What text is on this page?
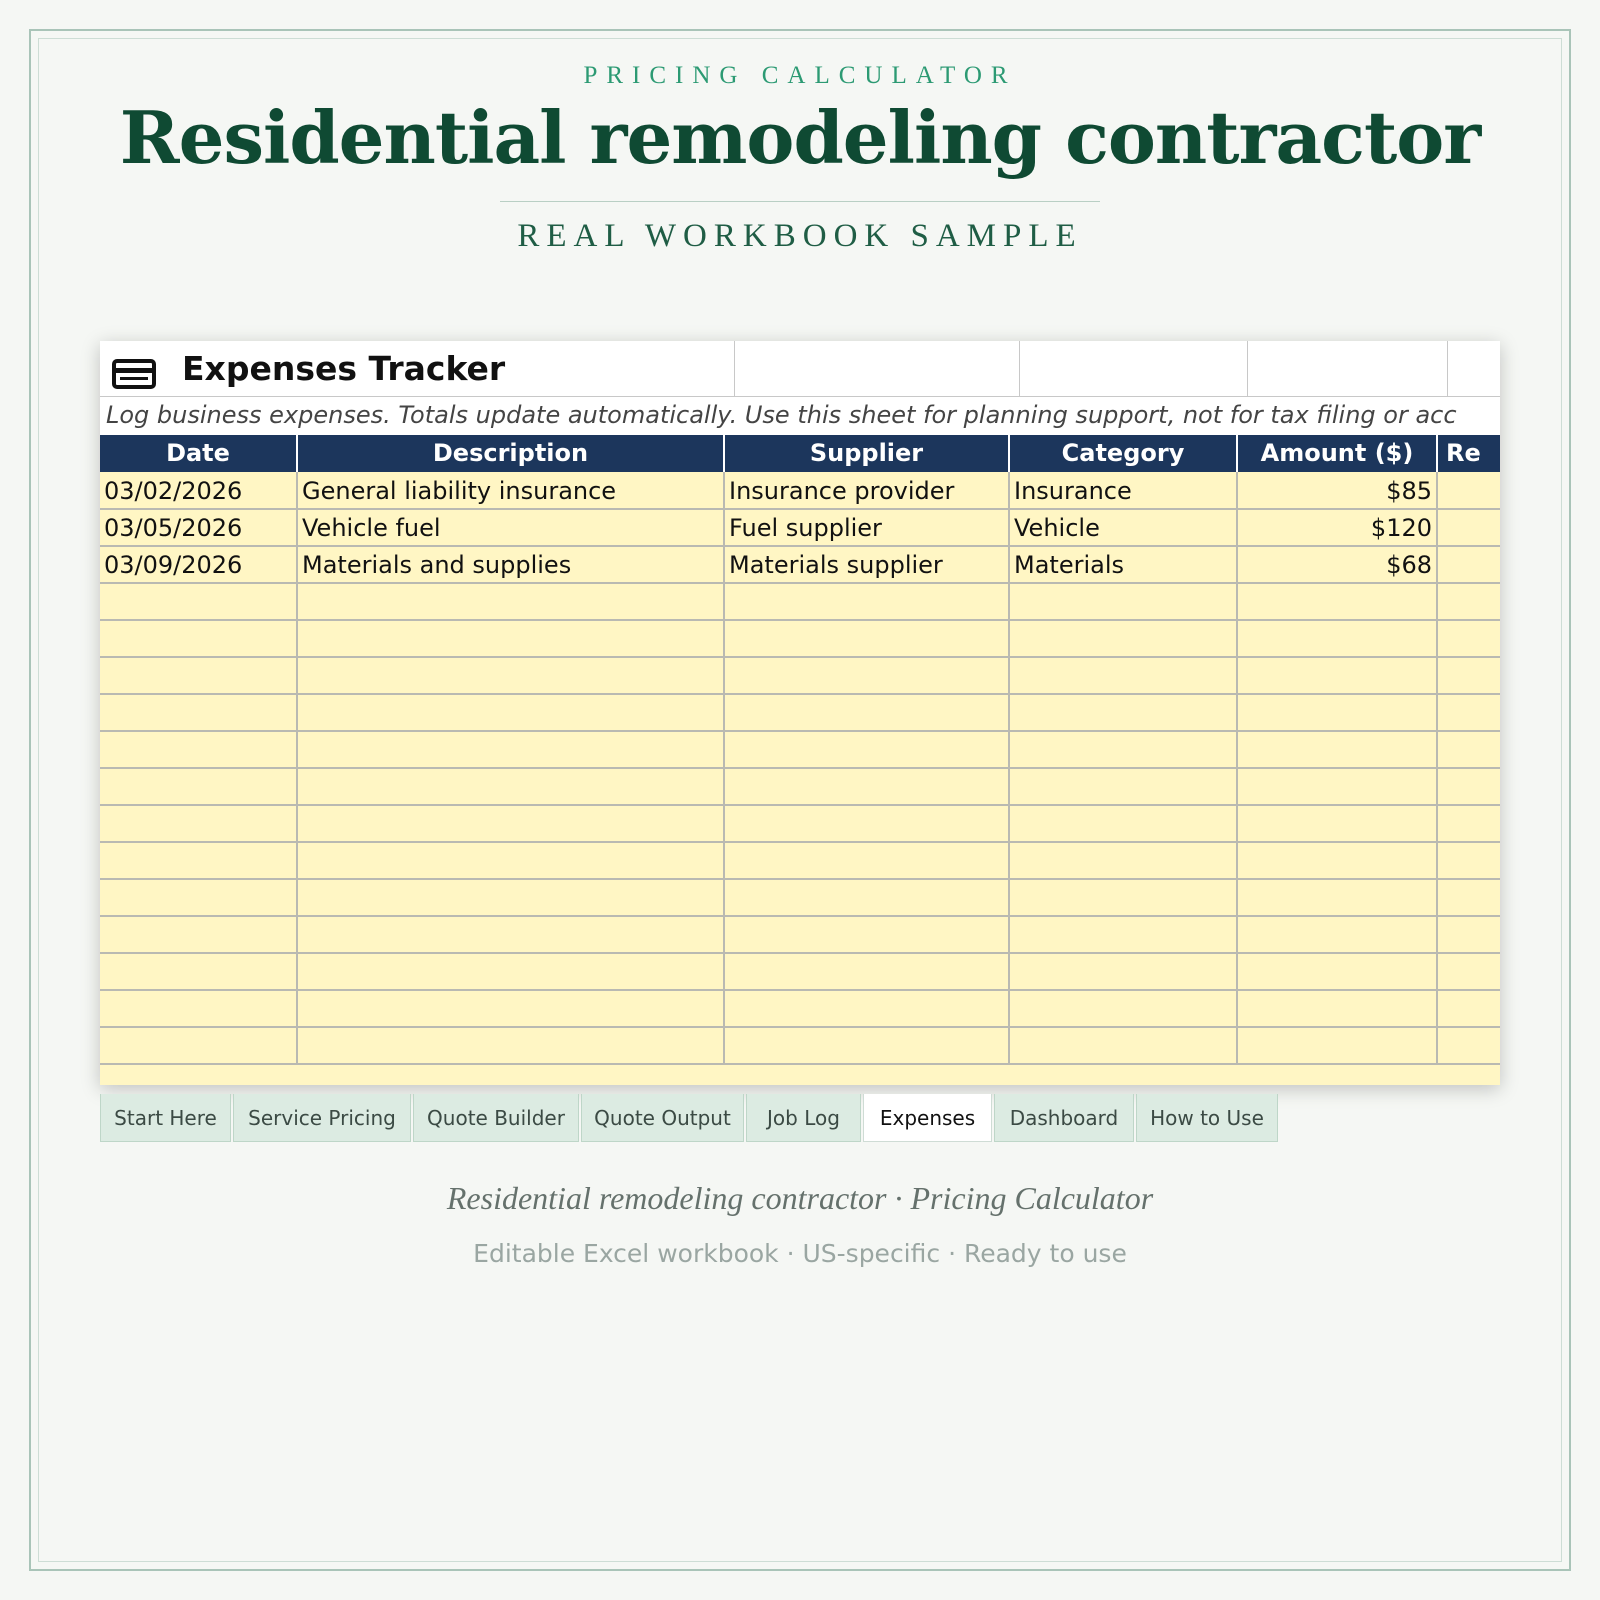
PRICING CALCULATOR
Residential remodeling contractor
REAL WORKBOOK SAMPLE
Expenses Tracker
Log business expenses. Totals update automatically. Use this sheet for planning support, not for tax filing or acc
Date	Description	Supplier	Category	Amount ($)	Re
03/02/2026	General liability insurance	Insurance provider	Insurance	$85
03/05/2026	Vehicle fuel	Fuel supplier	Vehicle	$120
03/09/2026	Materials and supplies	Materials supplier	Materials	$68
Start Here	Service Pricing	Quote Builder	Quote Output	Job Log	Expenses	Dashboard	How to Use
Residential remodeling contractor · Pricing Calculator
Editable Excel workbook · US-specific · Ready to use
